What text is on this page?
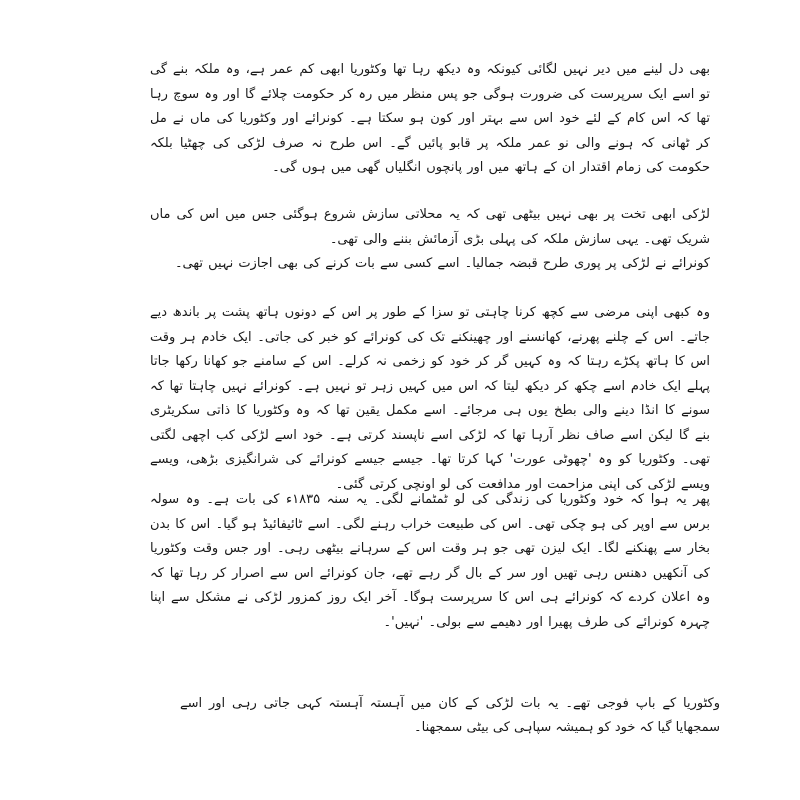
بھی دل لینے میں دیر نہیں لگائی کیونکہ وہ دیکھ رہا تھا وکٹوریا ابھی کم عمر ہے، وہ ملکہ بنے گی تو اسے ایک سرپرست کی ضرورت ہوگی جو پس منظر میں رہ کر حکومت چلائے گا اور وہ سوچ رہا تھا کہ اس کام کے لئے خود اس سے بہتر اور کون ہو سکتا ہے۔ کونرائے اور وکٹوریا کی ماں نے مل کر ٹھانی کہ ہونے والی نو عمر ملکہ پر قابو پائیں گے۔ اس طرح نہ صرف لڑکی کی چھٹیا بلکہ حکومت کی زمام اقتدار ان کے ہاتھ میں اور پانچوں انگلیاں گھی میں ہوں گی۔

لڑکی ابھی تخت پر بھی نہیں بیٹھی تھی کہ یہ محلاتی سازش شروع ہوگئی جس میں اس کی ماں شریک تھی۔ یہی سازش ملکہ کی پہلی بڑی آزمائش بننے والی تھی۔

کونرائے نے لڑکی پر پوری طرح قبضہ جمالیا۔ اسے کسی سے بات کرنے کی بھی اجازت نہیں تھی۔

وہ کبھی اپنی مرضی سے کچھ کرنا چاہتی تو سزا کے طور پر اس کے دونوں ہاتھ پشت پر باندھ دیے جاتے۔ اس کے چلنے پھرنے، کھانسنے اور چھینکنے تک کی کونرائے کو خبر کی جاتی۔ ایک خادم ہر وقت اس کا ہاتھ پکڑے رہتا کہ وہ کہیں گر کر خود کو زخمی نہ کرلے۔ اس کے سامنے جو کھانا رکھا جاتا پہلے ایک خادم اسے چکھ کر دیکھ لیتا کہ اس میں کہیں زہر تو نہیں ہے۔ کونرائے نہیں چاہتا تھا کہ سونے کا انڈا دینے والی بطخ یوں ہی مرجائے۔ اسے مکمل یقین تھا کہ وہ وکٹوریا کا ذاتی سکریٹری بنے گا لیکن اسے صاف نظر آرہا تھا کہ لڑکی اسے ناپسند کرتی ہے۔ خود اسے لڑکی کب اچھی لگتی تھی۔ وکٹوریا کو وہ 'چھوٹی عورت' کہا کرتا تھا۔ جیسے جیسے کونرائے کی شرانگیزی بڑھی، ویسے ویسے لڑکی کی اپنی مزاحمت اور مدافعت کی لو اونچی کرتی گئی۔

پھر یہ ہوا کہ خود وکٹوریا کی زندگی کی لو ٹمٹمانے لگی۔ یہ سنہ ۱۸۳۵ء کی بات ہے۔ وہ سولہ برس سے اوپر کی ہو چکی تھی۔ اس کی طبیعت خراب رہنے لگی۔ اسے ٹائیفائیڈ ہو گیا۔ اس کا بدن بخار سے پھنکنے لگا۔ ایک لیزن تھی جو ہر وقت اس کے سرہانے بیٹھی رہی۔ اور جس وقت وکٹوریا کی آنکھیں دھنس رہی تھیں اور سر کے بال گر رہے تھے، جان کونرائے اس سے اصرار کر رہا تھا کہ وہ اعلان کردے کہ کونرائے ہی اس کا سرپرست ہوگا۔ آخر ایک روز کمزور لڑکی نے مشکل سے اپنا چہرہ کونرائے کی طرف پھیرا اور دھیمے سے بولی۔ 'نہیں'۔

وکٹوریا کے باپ فوجی تھے۔ یہ بات لڑکی کے کان میں آہستہ آہستہ کہی جاتی رہی اور اسے سمجھایا گیا کہ خود کو ہمیشہ سپاہی کی بیٹی سمجھنا۔
